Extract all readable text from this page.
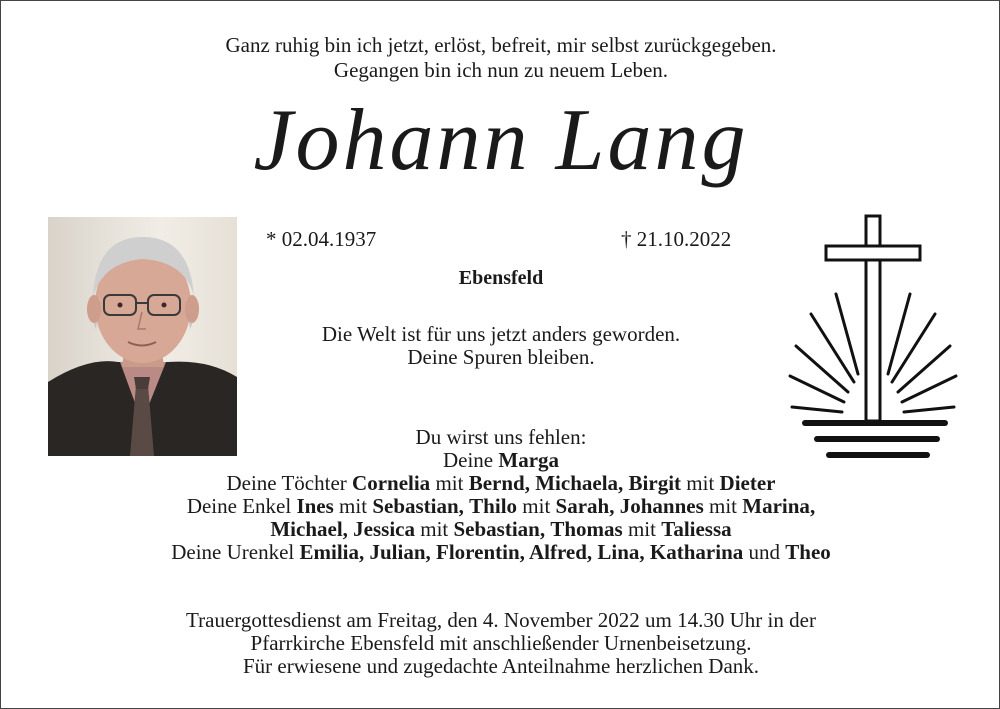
Ganz ruhig bin ich jetzt, erlöst, befreit, mir selbst zurückgegeben.
Gegangen bin ich nun zu neuem Leben.
Johann Lang
* 02.04.1937	† 21.10.2022
Ebensfeld
Die Welt ist für uns jetzt anders geworden.
Deine Spuren bleiben.
Du wirst uns fehlen:
Deine Marga
Deine Töchter Cornelia mit Bernd, Michaela, Birgit mit Dieter
Deine Enkel Ines mit Sebastian, Thilo mit Sarah, Johannes mit Marina,
Michael, Jessica mit Sebastian, Thomas mit Taliessa
Deine Urenkel Emilia, Julian, Florentin, Alfred, Lina, Katharina und Theo
Trauergottesdienst am Freitag, den 4. November 2022 um 14.30 Uhr in der
Pfarrkirche Ebensfeld mit anschließender Urnenbeisetzung.
Für erwiesene und zugedachte Anteilnahme herzlichen Dank.
